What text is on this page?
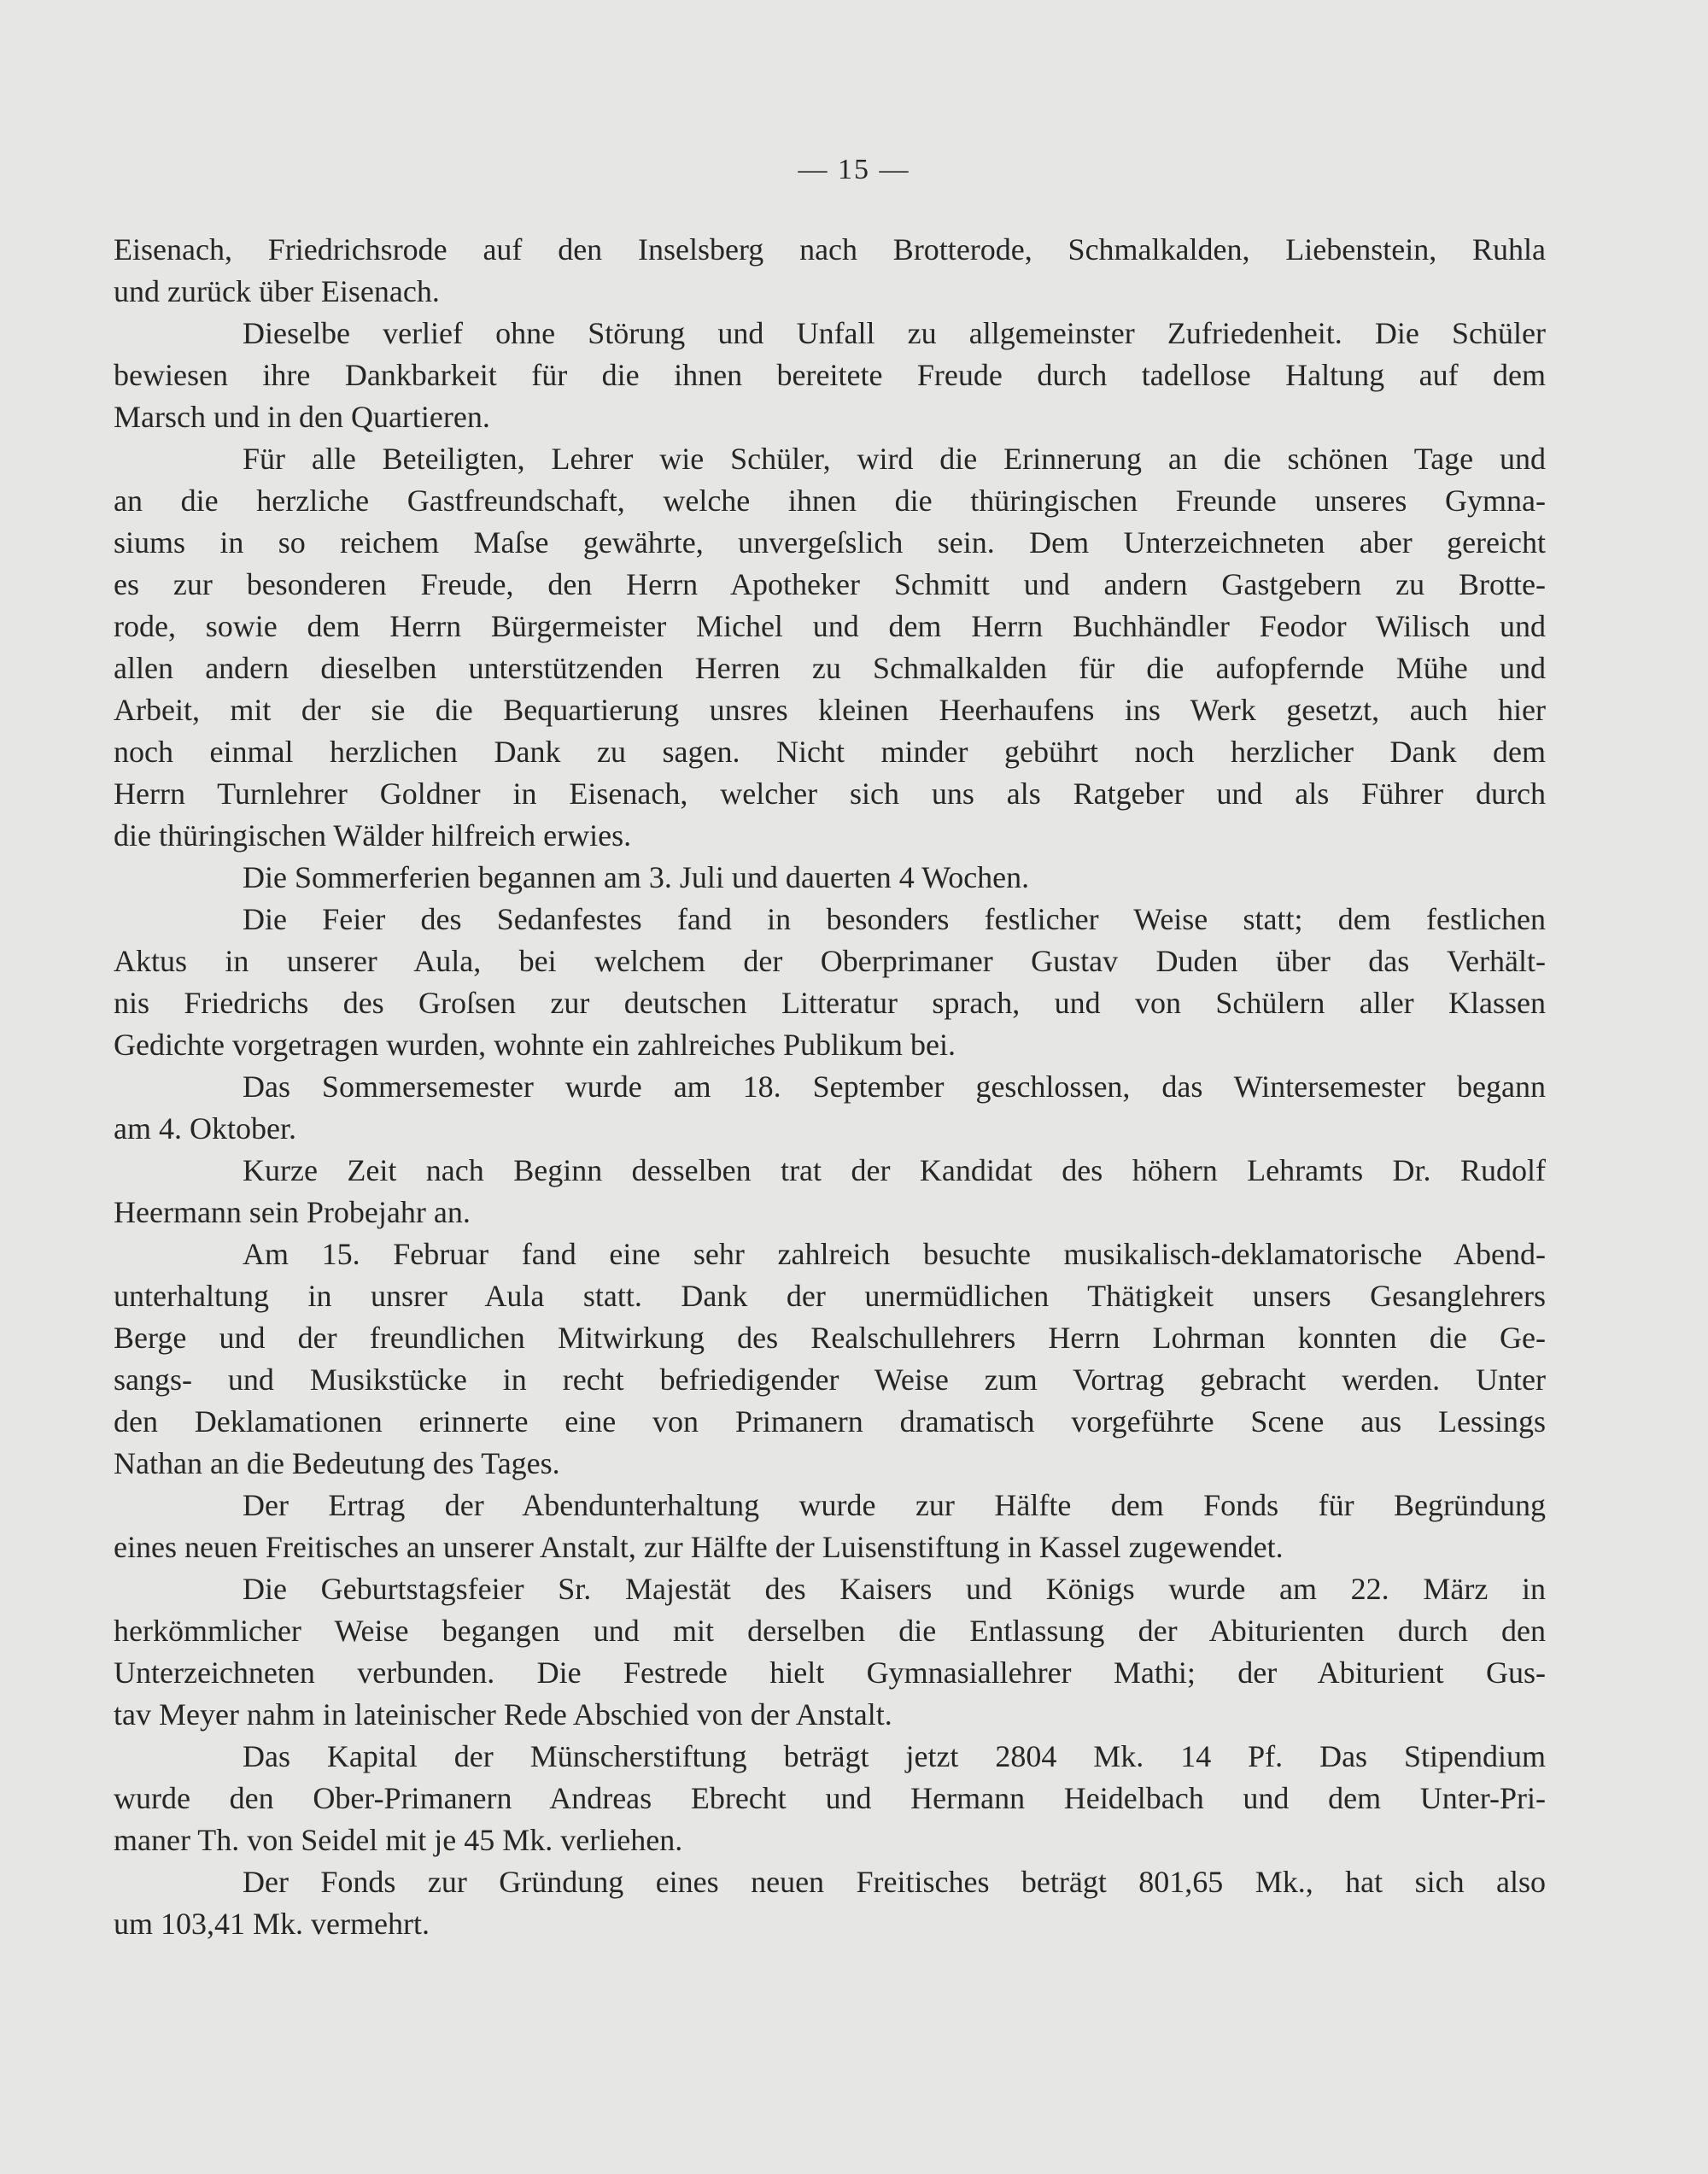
— 15 —
Eisenach, Friedrichsrode auf den Inselsberg nach Brotterode, Schmalkalden, Liebenstein, Ruhla
und zurück über Eisenach.
Dieselbe verlief ohne Störung und Unfall zu allgemeinster Zufriedenheit. Die Schüler
bewiesen ihre Dankbarkeit für die ihnen bereitete Freude durch tadellose Haltung auf dem
Marsch und in den Quartieren.
Für alle Beteiligten, Lehrer wie Schüler, wird die Erinnerung an die schönen Tage und
an die herzliche Gastfreundschaft, welche ihnen die thüringischen Freunde unseres Gymna-
siums in so reichem Maſse gewährte, unvergeſslich sein. Dem Unterzeichneten aber gereicht
es zur besonderen Freude, den Herrn Apotheker Schmitt und andern Gastgebern zu Brotte-
rode, sowie dem Herrn Bürgermeister Michel und dem Herrn Buchhändler Feodor Wilisch und
allen andern dieselben unterstützenden Herren zu Schmalkalden für die aufopfernde Mühe und
Arbeit, mit der sie die Bequartierung unsres kleinen Heerhaufens ins Werk gesetzt, auch hier
noch einmal herzlichen Dank zu sagen. Nicht minder gebührt noch herzlicher Dank dem
Herrn Turnlehrer Goldner in Eisenach, welcher sich uns als Ratgeber und als Führer durch
die thüringischen Wälder hilfreich erwies.
Die Sommerferien begannen am 3. Juli und dauerten 4 Wochen.
Die Feier des Sedanfestes fand in besonders festlicher Weise statt; dem festlichen
Aktus in unserer Aula, bei welchem der Oberprimaner Gustav Duden über das Verhält-
nis Friedrichs des Groſsen zur deutschen Litteratur sprach, und von Schülern aller Klassen
Gedichte vorgetragen wurden, wohnte ein zahlreiches Publikum bei.
Das Sommersemester wurde am 18. September geschlossen, das Wintersemester begann
am 4. Oktober.
Kurze Zeit nach Beginn desselben trat der Kandidat des höhern Lehramts Dr. Rudolf
Heermann sein Probejahr an.
Am 15. Februar fand eine sehr zahlreich besuchte musikalisch-deklamatorische Abend-
unterhaltung in unsrer Aula statt. Dank der unermüdlichen Thätigkeit unsers Gesanglehrers
Berge und der freundlichen Mitwirkung des Realschullehrers Herrn Lohrman konnten die Ge-
sangs- und Musikstücke in recht befriedigender Weise zum Vortrag gebracht werden. Unter
den Deklamationen erinnerte eine von Primanern dramatisch vorgeführte Scene aus Lessings
Nathan an die Bedeutung des Tages.
Der Ertrag der Abendunterhaltung wurde zur Hälfte dem Fonds für Begründung
eines neuen Freitisches an unserer Anstalt, zur Hälfte der Luisenstiftung in Kassel zugewendet.
Die Geburtstagsfeier Sr. Majestät des Kaisers und Königs wurde am 22. März in
herkömmlicher Weise begangen und mit derselben die Entlassung der Abiturienten durch den
Unterzeichneten verbunden. Die Festrede hielt Gymnasiallehrer Mathi; der Abiturient Gus-
tav Meyer nahm in lateinischer Rede Abschied von der Anstalt.
Das Kapital der Münscherstiftung beträgt jetzt 2804 Mk. 14 Pf. Das Stipendium
wurde den Ober-Primanern Andreas Ebrecht und Hermann Heidelbach und dem Unter-Pri-
maner Th. von Seidel mit je 45 Mk. verliehen.
Der Fonds zur Gründung eines neuen Freitisches beträgt 801,65 Mk., hat sich also
um 103,41 Mk. vermehrt.
